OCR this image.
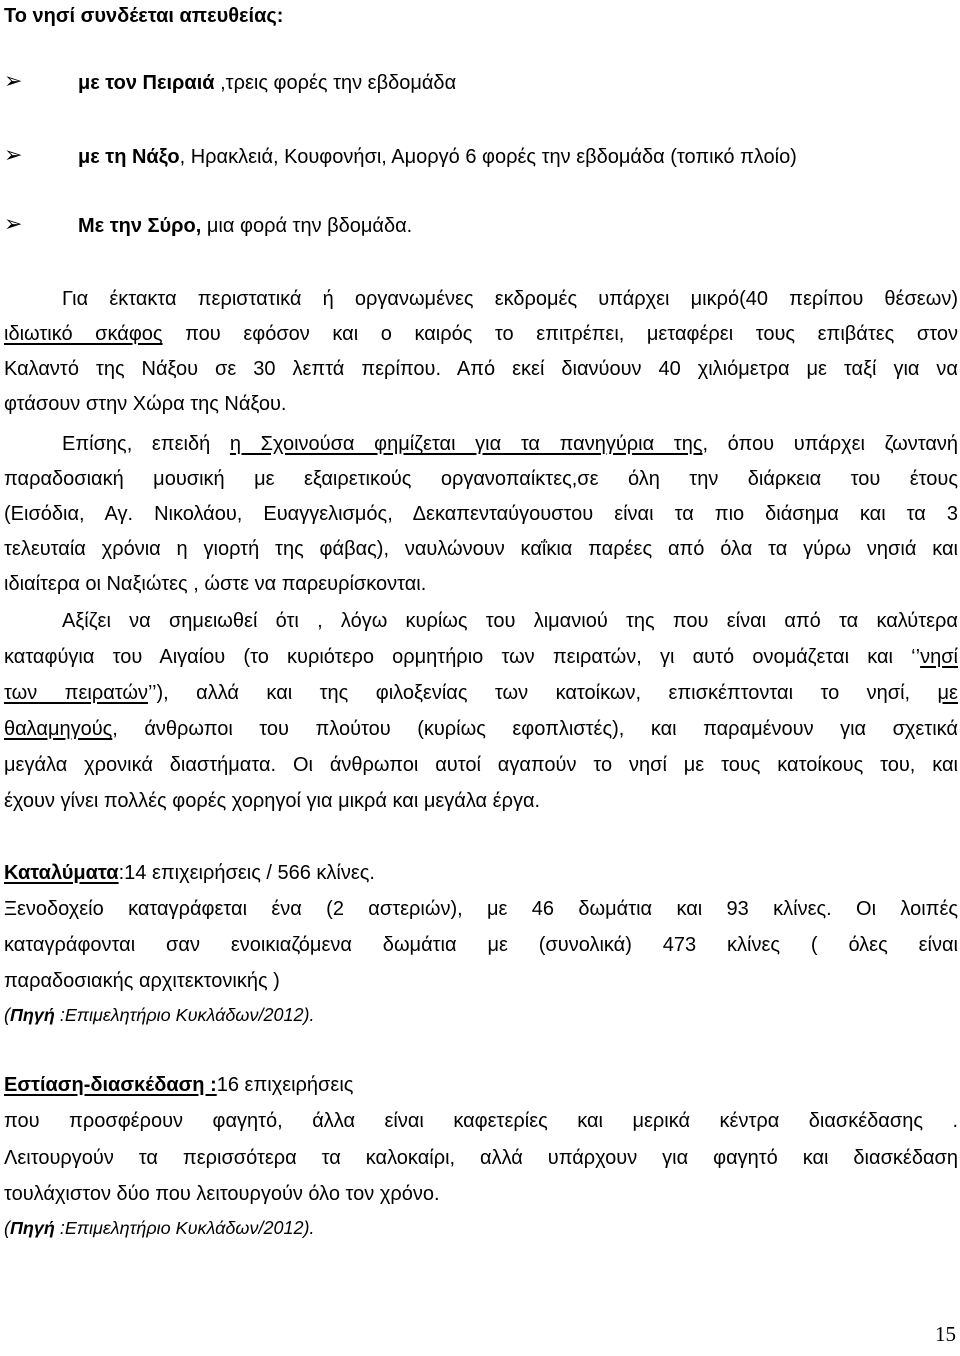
Το νησί συνδέεται απευθείας:
➢	με τον Πειραιά ,τρεις φορές την εβδομάδα
➢	με τη Νάξο, Ηρακλειά, Κουφονήσι, Αμοργό 6 φορές την εβδομάδα (τοπικό πλοίο)
➢	Με την Σύρο, μια φορά την βδομάδα.
Για έκτακτα περιστατικά ή οργανωμένες εκδρομές υπάρχει μικρό(40 περίπου θέσεων)
ιδιωτικό σκάφος που εφόσον και ο καιρός το επιτρέπει, μεταφέρει τους επιβάτες στον
Καλαντό της Νάξου σε 30 λεπτά περίπου. Από εκεί διανύουν 40 χιλιόμετρα με ταξί για να
φτάσουν στην Χώρα της Νάξου.
Επίσης, επειδή η Σχοινούσα φημίζεται για τα πανηγύρια της, όπου υπάρχει ζωντανή
παραδοσιακή μουσική με εξαιρετικούς οργανοπαίκτες,σε όλη την διάρκεια του έτους
(Εισόδια, Αγ. Νικολάου, Ευαγγελισμός, Δεκαπενταύγουστου είναι τα πιο διάσημα και τα 3
τελευταία χρόνια η γιορτή της φάβας), ναυλώνουν καΐκια παρέες από όλα τα γύρω νησιά και
ιδιαίτερα οι Ναξιώτες , ώστε να παρευρίσκονται.
Αξίζει να σημειωθεί ότι , λόγω κυρίως του λιμανιού της που είναι από τα καλύτερα
καταφύγια του Αιγαίου (το κυριότερο ορμητήριο των πειρατών, γι αυτό ονομάζεται και ‘’νησί
των πειρατών’’), αλλά και της φιλοξενίας των κατοίκων, επισκέπτονται το νησί, με
θαλαμηγούς, άνθρωποι του πλούτου (κυρίως εφοπλιστές), και παραμένουν για σχετικά
μεγάλα χρονικά διαστήματα. Οι άνθρωποι αυτοί αγαπούν το νησί με τους κατοίκους του, και
έχουν γίνει πολλές φορές χορηγοί για μικρά και μεγάλα έργα.
Καταλύματα:14 επιχειρήσεις / 566 κλίνες.
Ξενοδοχείο καταγράφεται ένα (2 αστεριών), με 46 δωμάτια και 93 κλίνες. Οι λοιπές
καταγράφονται σαν ενοικιαζόμενα δωμάτια με (συνολικά) 473 κλίνες ( όλες είναι
παραδοσιακής αρχιτεκτονικής )
(Πηγή :Επιμελητήριο Κυκλάδων/2012).
Εστίαση-διασκέδαση :16 επιχειρήσεις
που προσφέρουν φαγητό, άλλα είναι καφετερίες και μερικά κέντρα διασκέδασης .
Λειτουργούν τα περισσότερα τα καλοκαίρι, αλλά υπάρχουν για φαγητό και διασκέδαση
τουλάχιστον δύο που λειτουργούν όλο τον χρόνο.
(Πηγή :Επιμελητήριο Κυκλάδων/2012).
15
